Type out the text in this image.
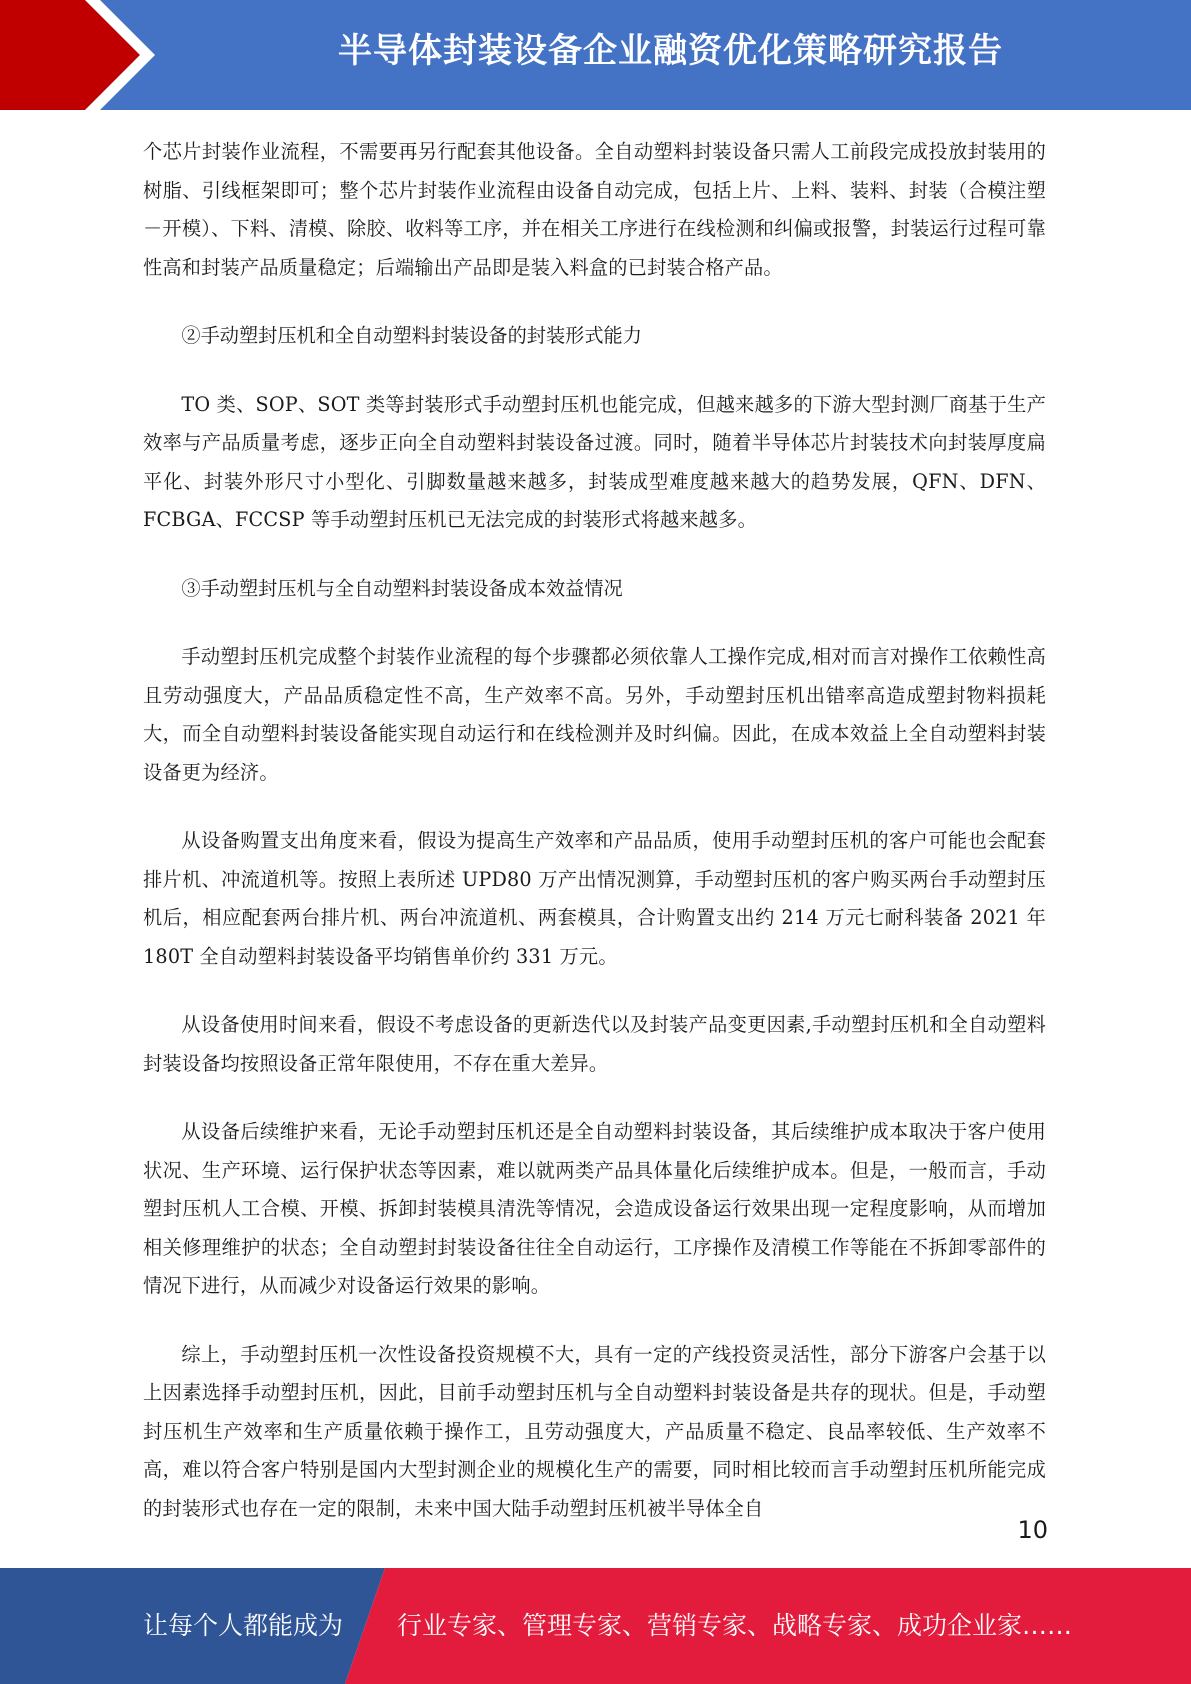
半导体封装设备企业融资优化策略研究报告

个芯片封装作业流程，不需要再另行配套其他设备。全自动塑料封装设备只需人工前段完成投放封装用的树脂、引线框架即可；整个芯片封装作业流程由设备自动完成，包括上片、上料、装料、封装（合模注塑－开模）、下料、清模、除胶、收料等工序，并在相关工序进行在线检测和纠偏或报警，封装运行过程可靠性高和封装产品质量稳定；后端输出产品即是装入料盒的已封装合格产品。

②手动塑封压机和全自动塑料封装设备的封装形式能力

TO 类、SOP、SOT 类等封装形式手动塑封压机也能完成，但越来越多的下游大型封测厂商基于生产效率与产品质量考虑，逐步正向全自动塑料封装设备过渡。同时，随着半导体芯片封装技术向封装厚度扁平化、封装外形尺寸小型化、引脚数量越来越多，封装成型难度越来越大的趋势发展，QFN、DFN、FCBGA、FCCSP 等手动塑封压机已无法完成的封装形式将越来越多。

③手动塑封压机与全自动塑料封装设备成本效益情况

手动塑封压机完成整个封装作业流程的每个步骤都必须依靠人工操作完成,相对而言对操作工依赖性高且劳动强度大，产品品质稳定性不高，生产效率不高。另外，手动塑封压机出错率高造成塑封物料损耗大，而全自动塑料封装设备能实现自动运行和在线检测并及时纠偏。因此，在成本效益上全自动塑料封装设备更为经济。

从设备购置支出角度来看，假设为提高生产效率和产品品质，使用手动塑封压机的客户可能也会配套排片机、冲流道机等。按照上表所述 UPD80 万产出情况测算，手动塑封压机的客户购买两台手动塑封压机后，相应配套两台排片机、两台冲流道机、两套模具，合计购置支出约 214 万元七耐科装备 2021 年 180T 全自动塑料封装设备平均销售单价约 331 万元。

从设备使用时间来看，假设不考虑设备的更新迭代以及封装产品变更因素,手动塑封压机和全自动塑料封装设备均按照设备正常年限使用，不存在重大差异。

从设备后续维护来看，无论手动塑封压机还是全自动塑料封装设备，其后续维护成本取决于客户使用状况、生产环境、运行保护状态等因素，难以就两类产品具体量化后续维护成本。但是，一般而言，手动塑封压机人工合模、开模、拆卸封装模具清洗等情况，会造成设备运行效果出现一定程度影响，从而增加相关修理维护的状态；全自动塑封封装设备往往全自动运行，工序操作及清模工作等能在不拆卸零部件的情况下进行，从而减少对设备运行效果的影响。

综上，手动塑封压机一次性设备投资规模不大，具有一定的产线投资灵活性，部分下游客户会基于以上因素选择手动塑封压机，因此，目前手动塑封压机与全自动塑料封装设备是共存的现状。但是，手动塑封压机生产效率和生产质量依赖于操作工，且劳动强度大，产品质量不稳定、良品率较低、生产效率不高，难以符合客户特别是国内大型封测企业的规模化生产的需要，同时相比较而言手动塑封压机所能完成的封装形式也存在一定的限制，未来中国大陆手动塑封压机被半导体全自

10
让每个人都能成为 行业专家、管理专家、营销专家、战略专家、成功企业家……
